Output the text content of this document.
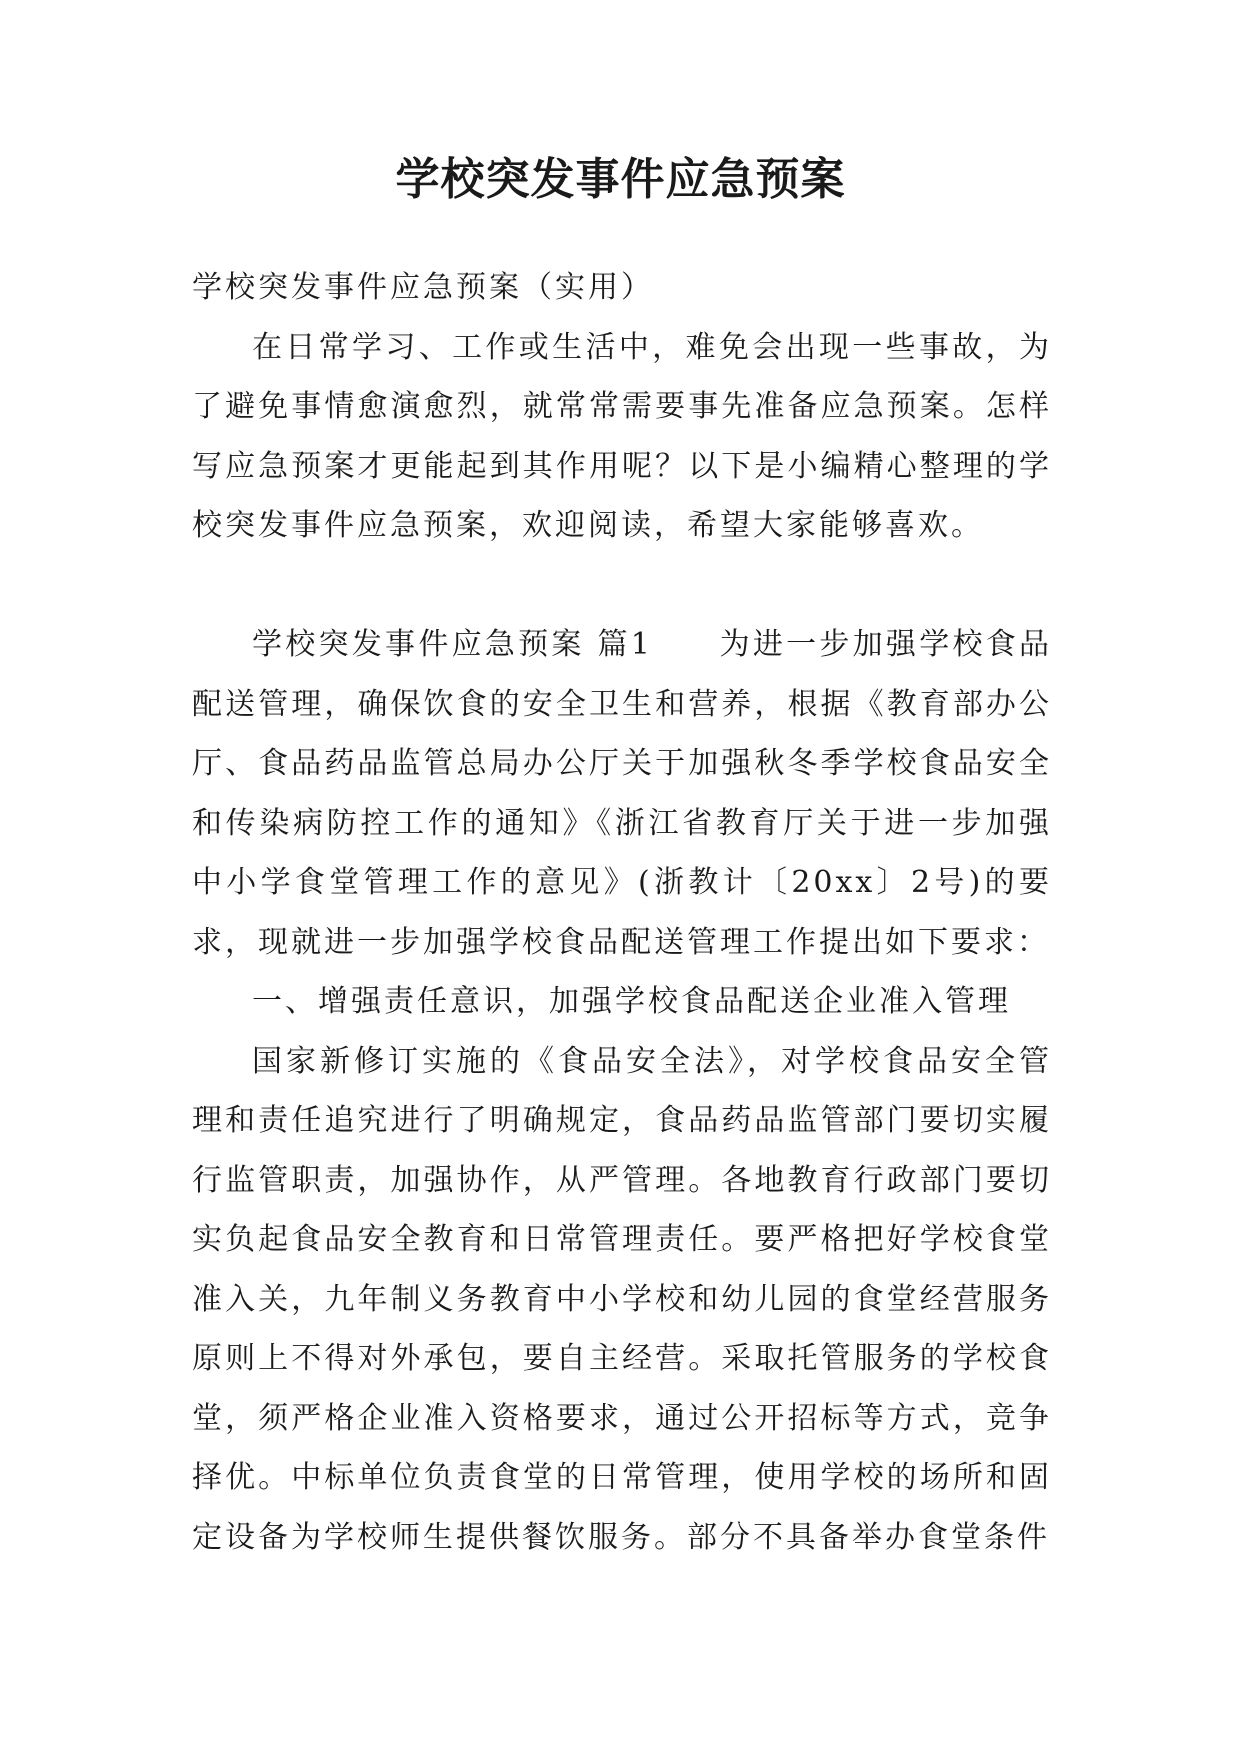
学校突发事件应急预案

学校突发事件应急预案（实用）

在日常学习、工作或生活中，难免会出现一些事故，为了避免事情愈演愈烈，就常常需要事先准备应急预案。怎样写应急预案才更能起到其作用呢？以下是小编精心整理的学校突发事件应急预案，欢迎阅读，希望大家能够喜欢。

学校突发事件应急预案 篇1　　为进一步加强学校食品配送管理，确保饮食的安全卫生和营养，根据《教育部办公厅、食品药品监管总局办公厅关于加强秋冬季学校食品安全和传染病防控工作的通知》《浙江省教育厅关于进一步加强中小学食堂管理工作的意见》(浙教计〔20xx〕2号)的要求，现就进一步加强学校食品配送管理工作提出如下要求：

一、增强责任意识，加强学校食品配送企业准入管理

国家新修订实施的《食品安全法》，对学校食品安全管理和责任追究进行了明确规定，食品药品监管部门要切实履行监管职责，加强协作，从严管理。各地教育行政部门要切实负起食品安全教育和日常管理责任。要严格把好学校食堂准入关，九年制义务教育中小学校和幼儿园的食堂经营服务原则上不得对外承包，要自主经营。采取托管服务的学校食堂，须严格企业准入资格要求，通过公开招标等方式，竞争择优。中标单位负责食堂的日常管理，使用学校的场所和固定设备为学校师生提供餐饮服务。部分不具备举办食堂条件
